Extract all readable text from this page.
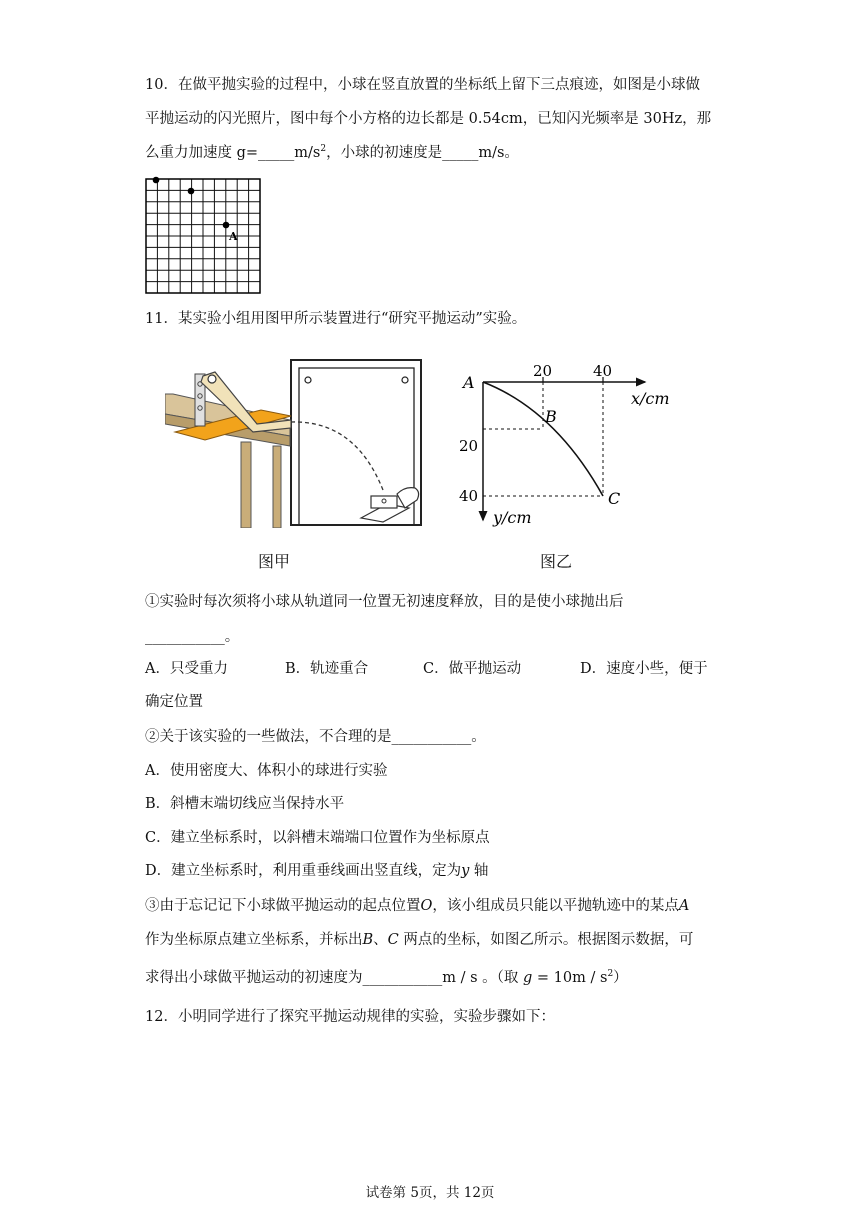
10．在做平抛实验的过程中，小球在竖直放置的坐标纸上留下三点痕迹，如图是小球做
平抛运动的闪光照片，图中每个小方格的边长都是 0.54cm，已知闪光频率是 30Hz，那
么重力加速度 $g=\_\_\_\_\_m/s^2$，小球的初速度是_____m/s。
A
11．某实验小组用图甲所示装置进行“研究平抛运动”实验。
图甲
A
20	40
x/cm
B
20
40	C
y/cm
图乙
①实验时每次须将小球从轨道同一位置无初速度释放，目的是使小球抛出后
___________。
A．只受重力	B．轨迹重合	C．做平抛运动	D．速度小些，便于
确定位置
②关于该实验的一些做法，不合理的是___________。
A．使用密度大、体积小的球进行实验
B．斜槽末端切线应当保持水平
C．建立坐标系时，以斜槽末端端口位置作为坐标原点
D．建立坐标系时，利用重垂线画出竖直线，定为y 轴
③由于忘记记下小球做平抛运动的起点位置O，该小组成员只能以平抛轨迹中的某点A
作为坐标原点建立坐标系，并标出B、C 两点的坐标，如图乙所示。根据图示数据，可
求得出小球做平抛运动的初速度为___________m / s 。（取 $g = 10m / s^2$）
12．小明同学进行了探究平抛运动规律的实验，实验步骤如下：
试卷第 5页，共 12页
